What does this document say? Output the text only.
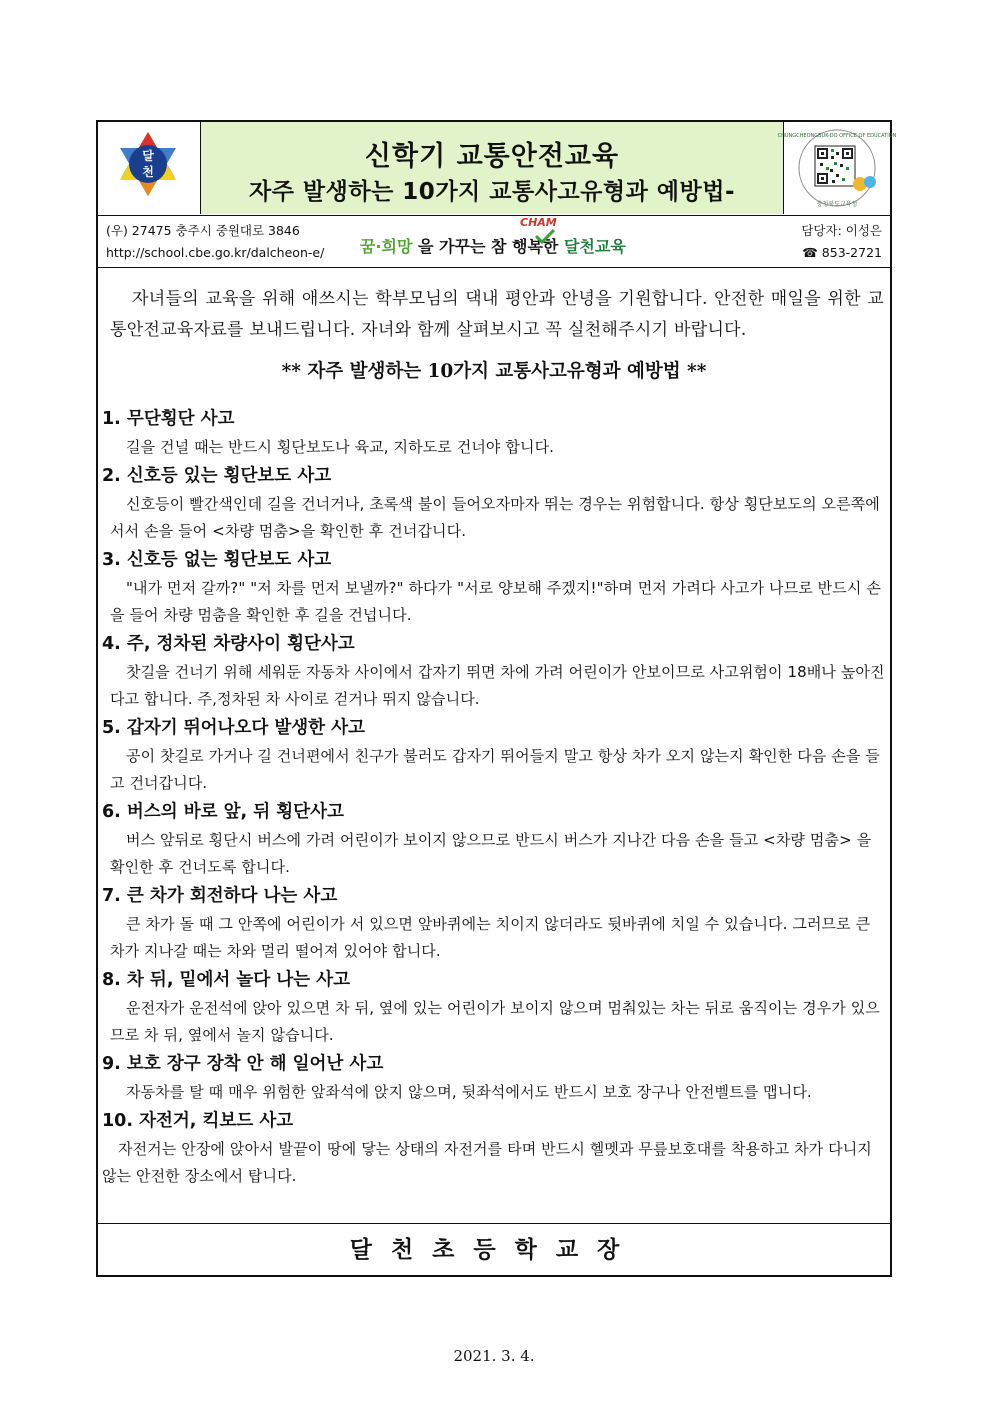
달
천	신학기 교통안전교육
자주 발생하는 10가지 교통사고유형과 예방법-	충청북도교육청
CHUNGCHEONGBUK-DO OFFICE OF EDUCATION
(우) 27475 충주시 중원대로 3846
http://school.cbe.go.kr/dalcheon-e/ 꿈·희망 을 가꾸는 참 행복한 달천교육
CHAM
담당자: 이성은
☎ 853-2721
자녀들의 교육을 위해 애쓰시는 학부모님의 댁내 평안과 안녕을 기원합니다. 안전한 매일을 위한 교통안전교육자료를 보내드립니다. 자녀와 함께 살펴보시고 꼭 실천해주시기 바랍니다.
** 자주 발생하는 10가지 교통사고유형과 예방법 **
1. 무단횡단 사고
길을 건널 때는 반드시 횡단보도나 육교, 지하도로 건너야 합니다.
2. 신호등 있는 횡단보도 사고
신호등이 빨간색인데 길을 건너거나, 초록색 불이 들어오자마자 뛰는 경우는 위험합니다. 항상 횡단보도의 오른쪽에 서서 손을 들어 <차량 멈춤>을 확인한 후 건너갑니다.
3. 신호등 없는 횡단보도 사고
"내가 먼저 갈까?" "저 차를 먼저 보낼까?" 하다가 "서로 양보해 주겠지!"하며 먼저 가려다 사고가 나므로 반드시 손을 들어 차량 멈춤을 확인한 후 길을 건넙니다.
4. 주, 정차된 차량사이 횡단사고
찻길을 건너기 위해 세워둔 자동차 사이에서 갑자기 뛰면 차에 가려 어린이가 안보이므로 사고위험이 18배나 높아진다고 합니다. 주,정차된 차 사이로 걷거나 뛰지 않습니다.
5. 갑자기 뛰어나오다 발생한 사고
공이 찻길로 가거나 길 건너편에서 친구가 불러도 갑자기 뛰어들지 말고 항상 차가 오지 않는지 확인한 다음 손을 들고 건너갑니다.
6. 버스의 바로 앞, 뒤 횡단사고
버스 앞뒤로 횡단시 버스에 가려 어린이가 보이지 않으므로 반드시 버스가 지나간 다음 손을 들고 <차량 멈춤> 을 확인한 후 건너도록 합니다.
7. 큰 차가 회전하다 나는 사고
큰 차가 돌 때 그 안쪽에 어린이가 서 있으면 앞바퀴에는 치이지 않더라도 뒷바퀴에 치일 수 있습니다. 그러므로 큰 차가 지나갈 때는 차와 멀리 떨어져 있어야 합니다.
8. 차 뒤, 밑에서 놀다 나는 사고
운전자가 운전석에 앉아 있으면 차 뒤, 옆에 있는 어린이가 보이지 않으며 멈춰있는 차는 뒤로 움직이는 경우가 있으므로 차 뒤, 옆에서 놀지 않습니다.
9. 보호 장구 장착 안 해 일어난 사고
자동차를 탈 때 매우 위험한 앞좌석에 앉지 않으며, 뒷좌석에서도 반드시 보호 장구나 안전벨트를 맵니다.
10. 자전거, 킥보드 사고
자전거는 안장에 앉아서 발끝이 땅에 닿는 상태의 자전거를 타며 반드시 헬멧과 무릎보호대를 착용하고 차가 다니지 않는 안전한 장소에서 탑니다.
2021. 3. 4.
달천초등학교장
